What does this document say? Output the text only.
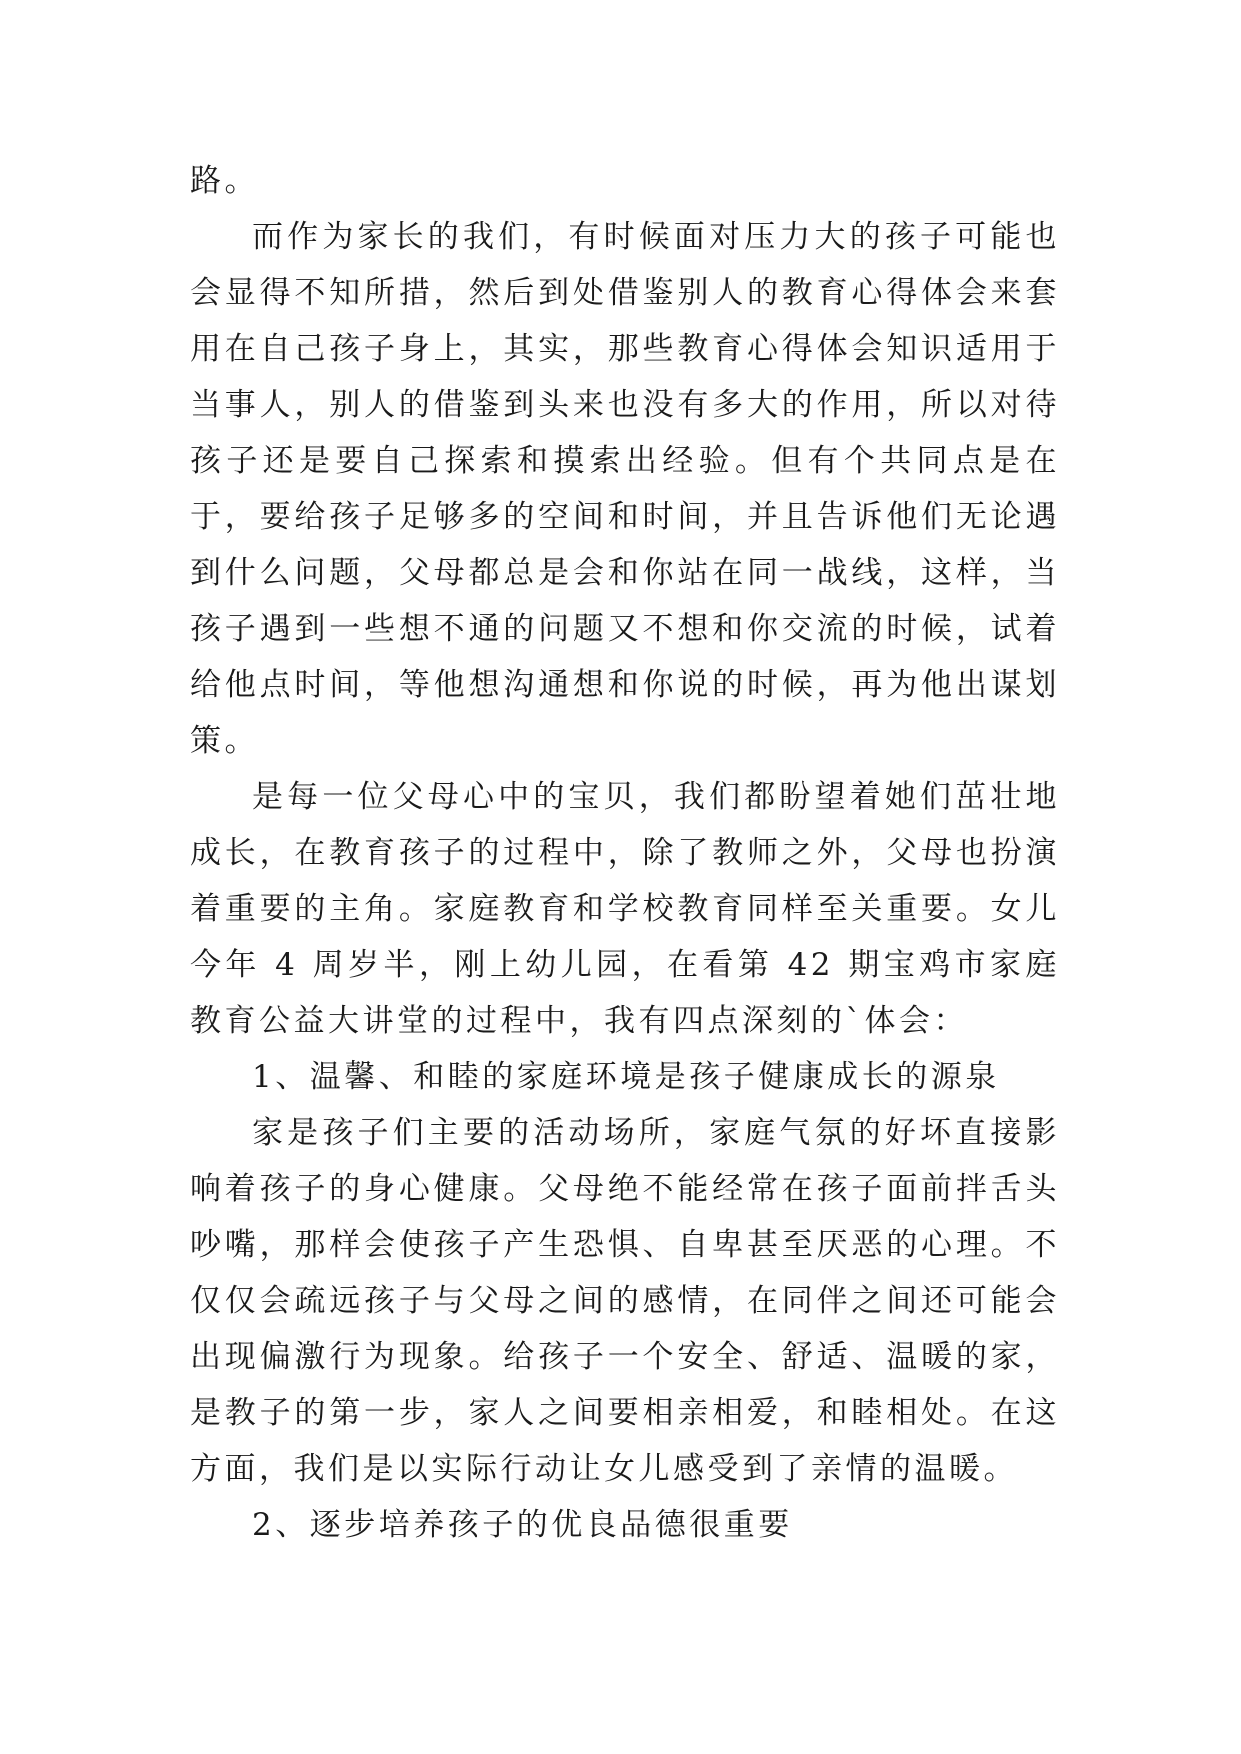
路。

而作为家长的我们，有时候面对压力大的孩子可能也会显得不知所措，然后到处借鉴别人的教育心得体会来套用在自己孩子身上，其实，那些教育心得体会知识适用于当事人，别人的借鉴到头来也没有多大的作用，所以对待孩子还是要自己探索和摸索出经验。但有个共同点是在于，要给孩子足够多的空间和时间，并且告诉他们无论遇到什么问题，父母都总是会和你站在同一战线，这样，当孩子遇到一些想不通的问题又不想和你交流的时候，试着给他点时间，等他想沟通想和你说的时候，再为他出谋划策。

是每一位父母心中的宝贝，我们都盼望着她们茁壮地成长，在教育孩子的过程中，除了教师之外，父母也扮演着重要的主角。家庭教育和学校教育同样至关重要。女儿今年 4 周岁半，刚上幼儿园，在看第 42 期宝鸡市家庭教育公益大讲堂的过程中，我有四点深刻的`体会：

1、温馨、和睦的家庭环境是孩子健康成长的源泉

家是孩子们主要的活动场所，家庭气氛的好坏直接影响着孩子的身心健康。父母绝不能经常在孩子面前拌舌头吵嘴，那样会使孩子产生恐惧、自卑甚至厌恶的心理。不仅仅会疏远孩子与父母之间的感情，在同伴之间还可能会出现偏激行为现象。给孩子一个安全、舒适、温暖的家，是教子的第一步，家人之间要相亲相爱，和睦相处。在这方面，我们是以实际行动让女儿感受到了亲情的温暖。

2、逐步培养孩子的优良品德很重要
